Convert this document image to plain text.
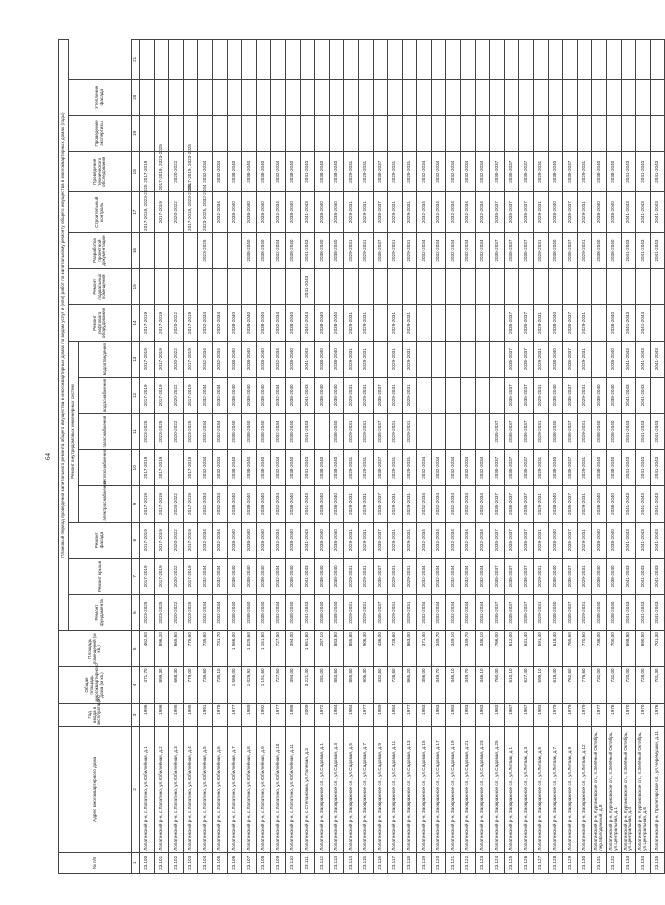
64
№ п/п	Адрес многоквартирного дома	Год ввода в эксплуатацию	Общая площадь многоквартирного дома (м кв.)	Площадь помещений (м кв.)	Плановый период проведения капитального ремонта общего имущества в многоквартирных домах по видам услуг и (или) работ по капитальному ремонту общего имущества в многоквартирных домах (годы)															
					Ремонт фундамента	Ремонт крыши	Ремонт фасада	Ремонт внутридомовых инженерных систем					Ремонт лифтового оборудования	Ремонт подвальных помещений	Разработка проектной документации	Строительный контроль	Проведение технического обследования	Проведение экспертизы	Утепление фасада	
								электроснабжения	теплоснабжения	газоснабжения	водоснабжения	водоотведения								
1	2	3	4	5	6	7	8	9	10	11	12	13	14	15	16	17	18	19	20	21
23.100	Лопатинский р-н, с.Лопатино, ул.Юбилейная, д.1	1996	471,70	462,50	2023-2025	2017-2019	2017-2019	2017-2019	2017-2019	2023-2025	2017-2019	2017-2019	2017-2019			2017-2019, 2023-2025	2017-2019			
23.101	Лопатинский р-н, с.Лопатино, ул.Юбилейная, д.2	1996	899,30	896,20	2023-2025	2017-2019	2017-2019	2017-2019	2017-2019	2023-2025	2017-2019	2017-2019	2017-2019			2017-2019	2017-2019, 2023-2025			
23.102	Лопатинский р-н, с.Лопатино, ул.Юбилейная, д.3	1995	668,30	665,60	2020-2022	2020-2022	2020-2022	2020-2022		2020-2022	2020-2022	2020-2022	2020-2022			2020-2022	2020-2022			
23.103	Лопатинский р-н, с.Лопатино, ул.Юбилейная, д.4	1995	779,00	775,60	2023-2025	2017-2019	2017-2019	2017-2019	2017-2019	2023-2025	2017-2019	2017-2019	2017-2019			2017-2019, 2023-2025	2017-2019, 2023-2025			
23.104	Лопатинский р-н, с.Лопатино, ул.Юбилейная, д.5	1991	739,60	735,60	2032-2034	2032-2034	2032-2034	2032-2034	2032-2034	2032-2034	2032-2034	2032-2034	2032-2034		2023-2025	2023-2025, 2032-2034	2032-2034			
23.105	Лопатинский р-н, с.Лопатино, ул.Юбилейная, д.6	1978	735,10	731,70	2032-2034	2032-2034	2032-2034	2032-2034	2032-2034	2032-2034	2032-2034	2032-2034	2032-2034			2032-2034	2032-2034			
23.106	Лопатинский р-н, с.Лопатино, ул.Юбилейная, д.7	1977	1 566,00	1 566,00	2038-2040	2038-2040	2038-2040	2038-2040	2038-2040	2038-2040	2038-2040	2038-2040	2038-2040			2038-2040	2038-2040			
23.107	Лопатинский р-н, с.Лопатино, ул.Юбилейная, д.8	1989	1 029,92	1 025,60	2038-2040	2038-2040	2038-2040	2038-2040	2038-2040	2038-2040	2038-2040	2038-2040	2038-2040		2038-2040	2038-2040	2038-2040			
23.108	Лопатинский р-н, с.Лопатино, ул.Юбилейная, д.9	1992	1 151,60	1 151,60	2038-2040	2038-2040	2038-2040	2038-2040	2038-2040	2038-2040	2038-2040	2038-2040	2038-2040		2038-2040	2038-2040	2038-2040			
23.109	Лопатинский р-н, с.Лопатино, ул.Юбилейная, д.10	1977	727,50	727,50	2032-2034	2032-2034	2032-2034	2032-2034	2032-2034	2032-2034	2032-2034	2032-2034	2032-2034		2032-2034	2032-2034	2032-2034			
23.110	Лопатинский р-н, с.Лопатино, ул.Юбилейная, д.11	1986	394,00	394,00	2038-2040	2038-2040	2038-2040	2038-2040	2038-2040	2038-2040	2038-2040	2038-2040	2038-2040		2038-2040	2038-2040	2038-2040			
23.111	Лопатинский р-н, с.Степановка, ул.Полевая, д.3	2009	3 221,40	1 651,60	2041-2043	2041-2043	2041-2043	2041-2043	2041-2043	2041-2043	2041-2043	2041-2043	2041-2043	2041-2043	2041-2043	2041-2043	2041-2043			
23.112	Лопатинский р-н, Заовражное сл., ул.Садовая, д.1	1972	281,00	287,10	2038-2040	2038-2040	2038-2040	2038-2040	2038-2040		2038-2040	2038-2040	2038-2040		2038-2040	2038-2040	2038-2040			
23.113	Лопатинский р-н, Заовражное сл., ул.Садовая, д.3	1984	883,60	883,80	2038-2040	2038-2040	2038-2040	2038-2040	2038-2040	2038-2040	2038-2040	2038-2040	2038-2040		2038-2040	2038-2040	2038-2040			
23.114	Лопатинский р-н, Заовражное сл., ул.Садовая, д.5	1984	855,80	855,80	2029-2031	2029-2031	2029-2031	2029-2031	2029-2031	2029-2031	2029-2031	2029-2031	2029-2031		2029-2031	2029-2031	2029-2031			
23.115	Лопатинский р-н, Заовражное сл., ул.Садовая, д.7	1977	906,30	906,30	2029-2031	2029-2031	2029-2031	2029-2031	2029-2031	2029-2031	2029-2031	2029-2031	2029-2031		2029-2031	2029-2031	2029-2031			
23.116	Лопатинский р-н, Заовражное сл., ул.Садовая, д.9	1989	432,60	436,00	2035-2037	2035-2037	2035-2037	2035-2037	2035-2037	2035-2037	2035-2037				2035-2037	2035-2037	2035-2037			
23.117	Лопатинский р-н, Заовражное сл., ул.Садовая, д.11	1984	726,60	728,60	2029-2031	2029-2031	2029-2031	2029-2031	2029-2031	2029-2031	2029-2031	2029-2031	2029-2031		2029-2031	2029-2031	2029-2031			
23.118	Лопатинский р-н, Заовражное сл., ул.Садовая, д.13	1977	865,20	863,00	2029-2031	2029-2031	2029-2031	2029-2031	2029-2031	2029-2031	2029-2031	2029-2031	2029-2031		2029-2031	2029-2031	2029-2031			
23.119	Лопатинский р-н, Заовражное сл., ул.Садовая, д.15	1983	356,00	371,40	2032-2034	2032-2034	2032-2034	2032-2034	2032-2034						2032-2034	2032-2034	2032-2034			
23.120	Лопатинский р-н, Заовражное сл., ул.Садовая, д.17	1983	349,70	349,70	2032-2034	2032-2034	2032-2034	2032-2034	2032-2034						2032-2034	2032-2034	2032-2034			
23.121	Лопатинский р-н, Заовражное сл., ул.Садовая, д.19	1983	346,10	349,10	2032-2034	2032-2034	2032-2034	2032-2034	2032-2034						2032-2034	2032-2034	2032-2034			
23.122	Лопатинский р-н, Заовражное сл., ул.Садовая, д.21	1983	349,70	349,70	2032-2034	2032-2034	2032-2034	2032-2034	2032-2034						2032-2034	2032-2034	2032-2034			
23.123	Лопатинский р-н, Заовражное сл., ул.Садовая, д.23	1983	346,10	346,10	2032-2034	2032-2034	2032-2034	2032-2034	2032-2034						2032-2034	2032-2034	2032-2034			
23.124	Лопатинский р-н, Заовражное сл., ул.Садовая, д.25	1983	760,00	766,00	2035-2037	2035-2037	2035-2037	2035-2037	2035-2037	2035-2037					2035-2037	2035-2037	2035-2037			
23.125	Лопатинский р-н, Заовражное сл., ул.Литвак, д.1	1987	610,10	612,00	2035-2037	2035-2037	2035-2037	2035-2037	2035-2037	2035-2037	2035-2037	2035-2037	2035-2037		2035-2037	2035-2037	2035-2037			
23.126	Лопатинский р-н, Заовражное сл., ул.Литвак, д.3	1987	627,40	631,40	2035-2037	2035-2037	2035-2037	2035-2037	2035-2037	2035-2037	2035-2037	2035-2037	2035-2037		2035-2037	2035-2037	2035-2037			
23.127	Лопатинский р-н, Заовражное сл., ул.Литвак, д.5	1983	599,10	591,40	2029-2031	2029-2031	2029-2031	2029-2031	2029-2031	2029-2031	2029-2031	2029-2031	2029-2031		2029-2031	2029-2031	2029-2031			
23.128	Лопатинский р-н, Заовражное сл., ул.Литвак, д.7	1979	618,40	618,40	2038-2040	2038-2040	2038-2040	2038-2040	2038-2040	2038-2040	2038-2040	2038-2040	2038-2040		2038-2040	2038-2040	2038-2040			
23.129	Лопатинский р-н, Заовражное сл., ул.Литвак, д.9	1979	762,60	765,60	2035-2037	2035-2037	2035-2037	2035-2037	2035-2037	2035-2037	2035-2037	2035-2037	2035-2037		2035-2037	2035-2037	2035-2037			
23.130	Лопатинский р-н, Заовражное сл., ул.Литвак, д.12	1979	776,60	770,60	2029-2031	2029-2031	2029-2031	2029-2031	2029-2031	2029-2031	2029-2031	2029-2031	2029-2031		2029-2031	2029-2031	2029-2031			
23.131	Лопатинский р-н, Кургановское сл., п.Зелёный Октябрь, пер.Молодежный, д.8	1977	732,00	736,00	2038-2040	2038-2040	2038-2040	2038-2040	2038-2040	2038-2040	2038-2040				2038-2040	2038-2040	2038-2040			
23.132	Лопатинский р-н, Кургановское сл., п.Зелёный Октябрь, ул.Центральная, д.1	1976	732,00	700,00	2038-2040	2038-2040	2038-2040	2038-2040	2038-2040	2038-2040	2038-2040	2038-2040	2038-2040		2038-2040	2038-2040	2038-2040			
23.133	Лопатинский р-н, Кургановское сл., п.Зелёный Октябрь, ул.Центральная, д.4	1970	720,00	698,80	2041-2043	2041-2043	2041-2043	2041-2043	2041-2043	2041-2043	2041-2043	2041-2043	2041-2043		2041-2043	2041-2043	2041-2043			
23.134	Лопатинский р-н, Кургановское сл., п.Зелёный Октябрь, ул.Центральная, д.6	1970	728,00	690,50	2041-2043	2041-2043	2041-2043	2041-2043	2041-2043	2041-2043	2041-2043	2041-2043	2041-2043		2041-2043	2041-2043	2041-2043			
23.135	Лопатинский р-н, Пролетарское сл., ул.Черемушки, д.11	1976	701,30	701,30	2041-2043	2041-2043	2041-2043	2041-2043	2041-2043	2041-2043		2041-2043			2041-2043	2041-2043	2041-2043			
